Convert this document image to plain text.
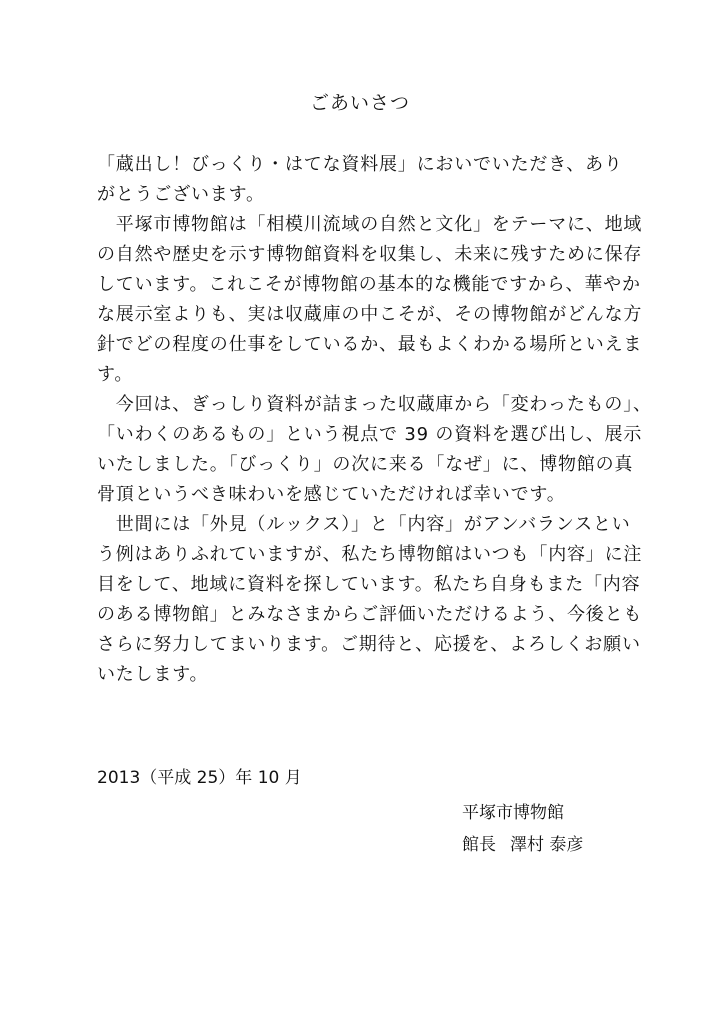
ごあいさつ
「蔵出し！びっくり・はてな資料展」においでいただき、あり
がとうございます。
　平塚市博物館は「相模川流域の自然と文化」をテーマに、地域
の自然や歴史を示す博物館資料を収集し、未来に残すために保存
しています。これこそが博物館の基本的な機能ですから、華やか
な展示室よりも、実は収蔵庫の中こそが、その博物館がどんな方
針でどの程度の仕事をしているか、最もよくわかる場所といえま
す。
　今回は、ぎっしり資料が詰まった収蔵庫から「変わったもの」、
「いわくのあるもの」という視点で 39 の資料を選び出し、展示
いたしました。「びっくり」の次に来る「なぜ」に、博物館の真
骨頂というべき味わいを感じていただければ幸いです。
　世間には「外見（ルックス）」と「内容」がアンバランスとい
う例はありふれていますが、私たち博物館はいつも「内容」に注
目をして、地域に資料を探しています。私たち自身もまた「内容
のある博物館」とみなさまからご評価いただけるよう、今後とも
さらに努力してまいります。ご期待と、応援を、よろしくお願い
いたします。
2013（平成 25）年 10 月
平塚市博物館
館長 澤村 泰彦
